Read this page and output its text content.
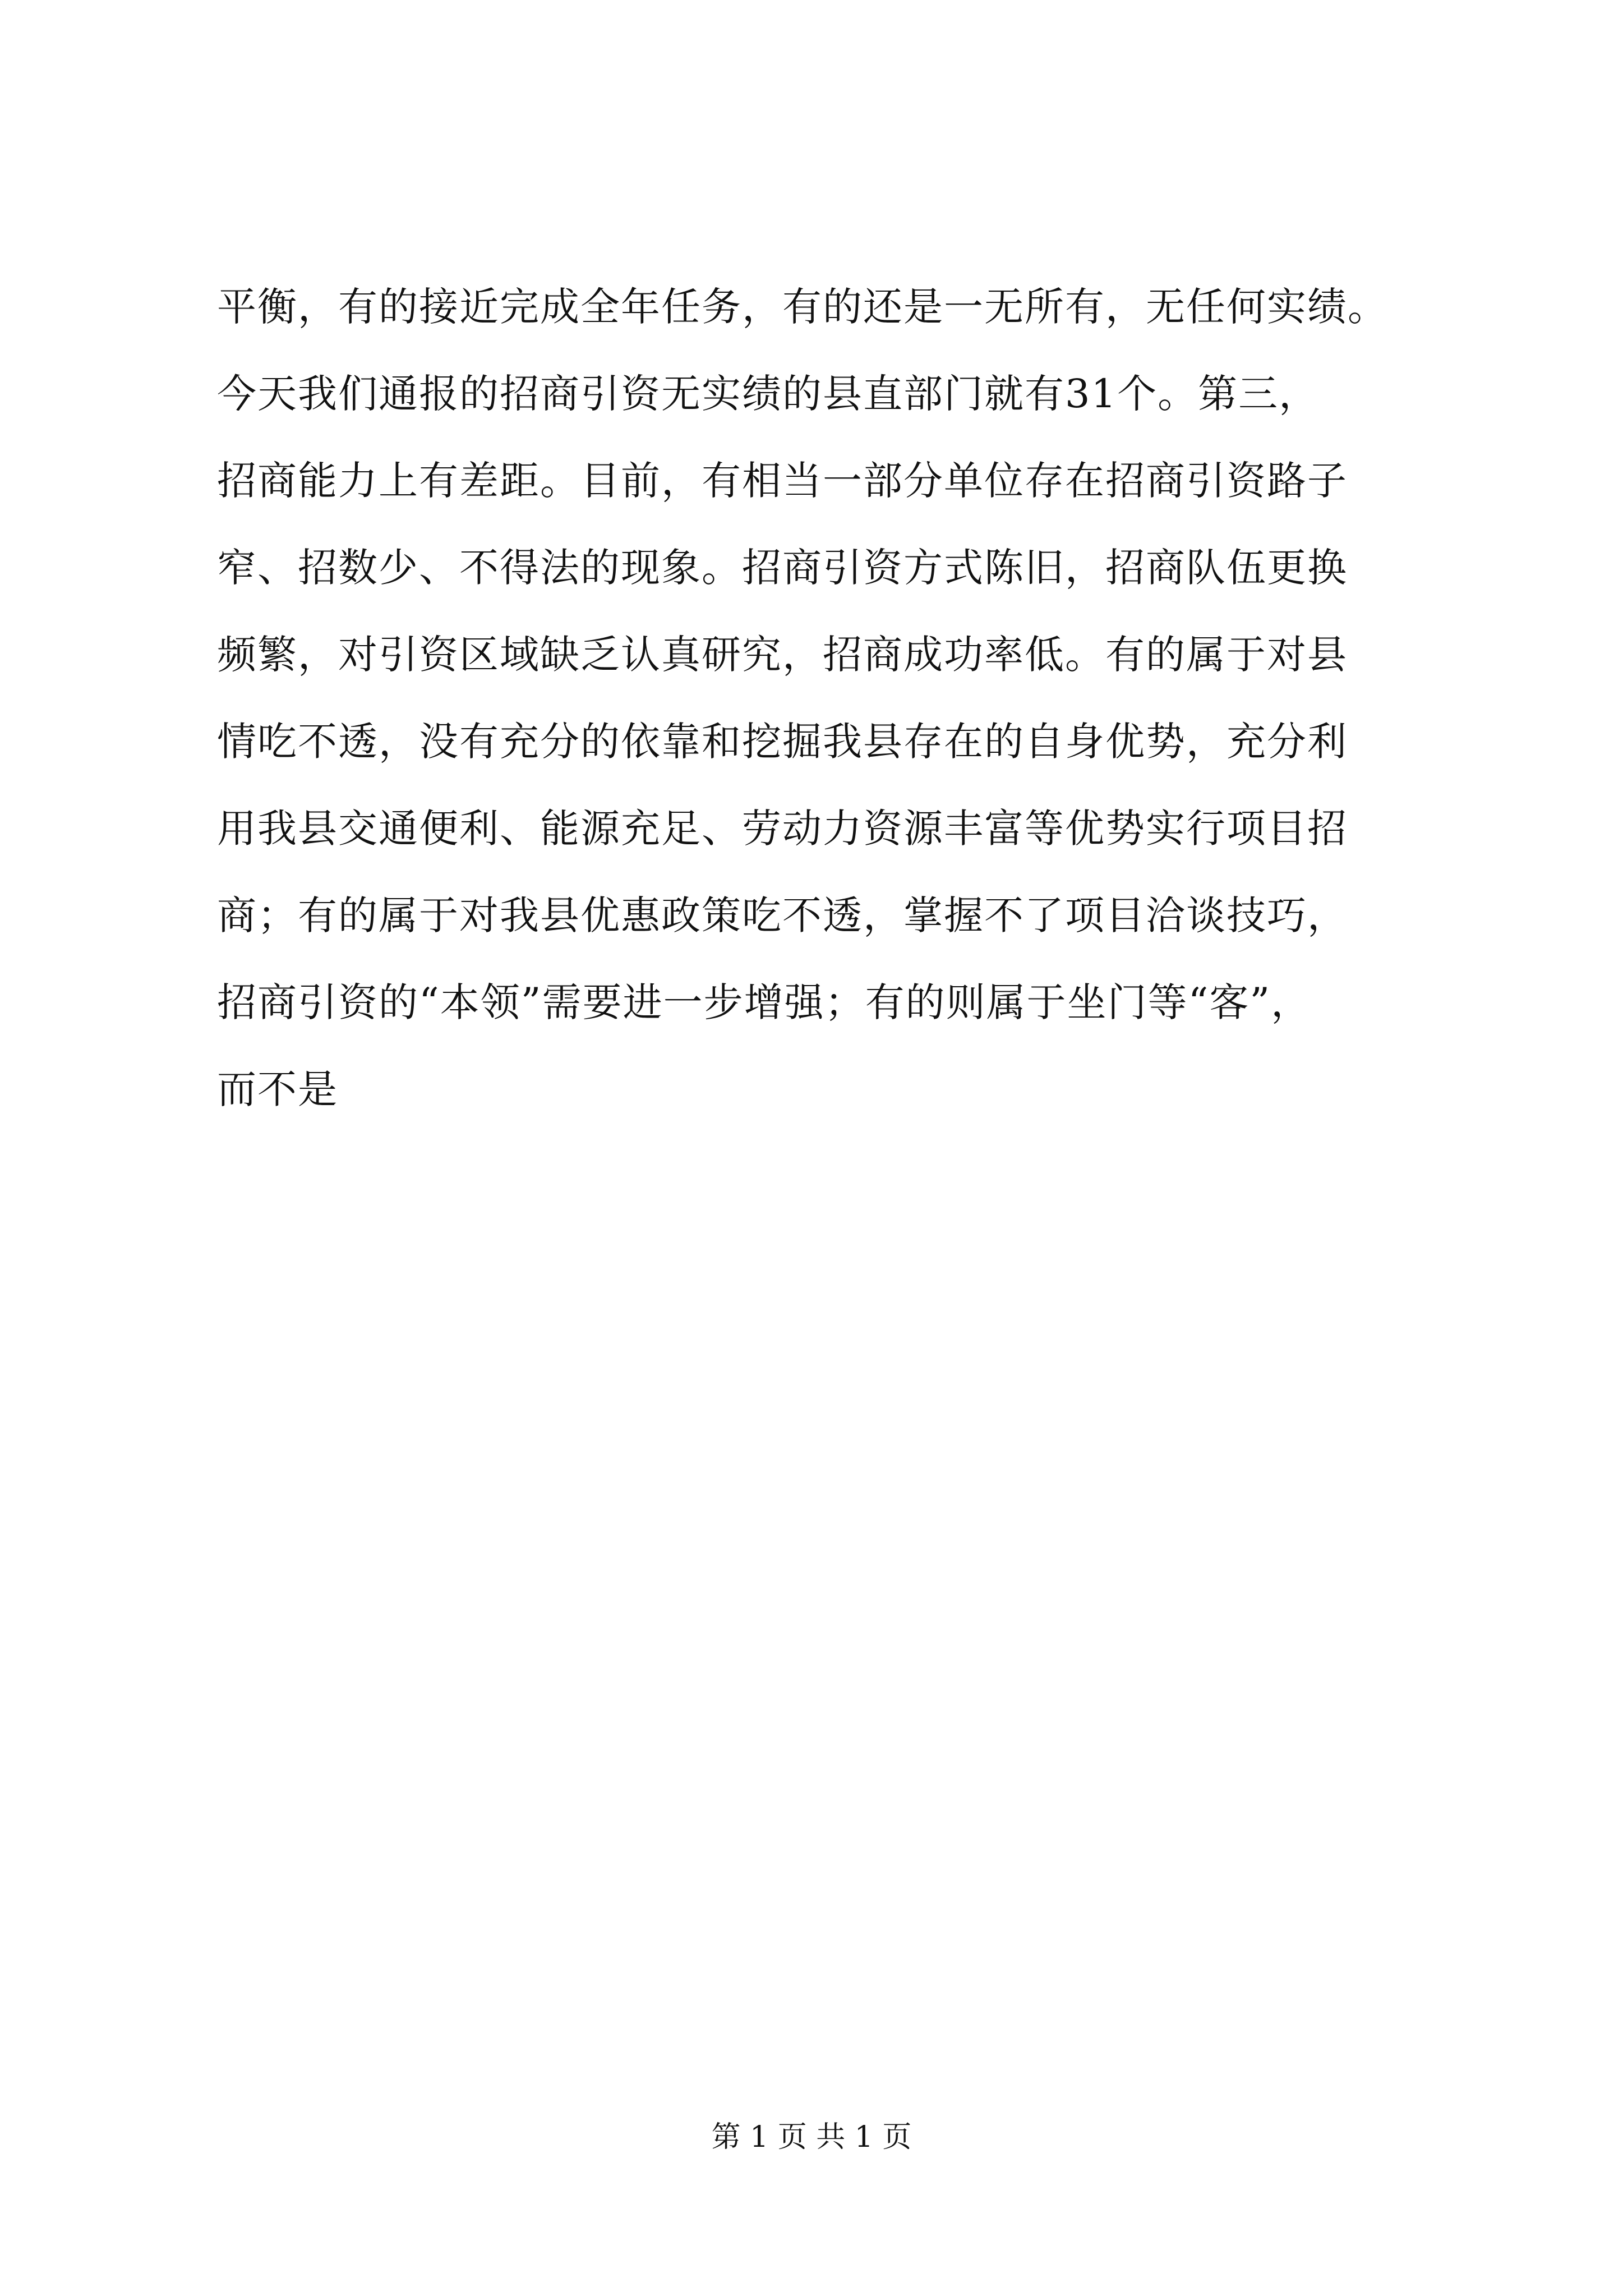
平衡，有的接近完成全年任务，有的还是一无所有，无任何实绩。
今天我们通报的招商引资无实绩的县直部门就有31个。第三，
招商能力上有差距。目前，有相当一部分单位存在招商引资路子
窄、招数少、不得法的现象。招商引资方式陈旧，招商队伍更换
频繁，对引资区域缺乏认真研究，招商成功率低。有的属于对县
情吃不透，没有充分的依靠和挖掘我县存在的自身优势，充分利
用我县交通便利、能源充足、劳动力资源丰富等优势实行项目招
商；有的属于对我县优惠政策吃不透，掌握不了项目洽谈技巧，
招商引资的“本领”需要进一步增强；有的则属于坐门等“客”，
而不是
第 1 页 共 1 页
